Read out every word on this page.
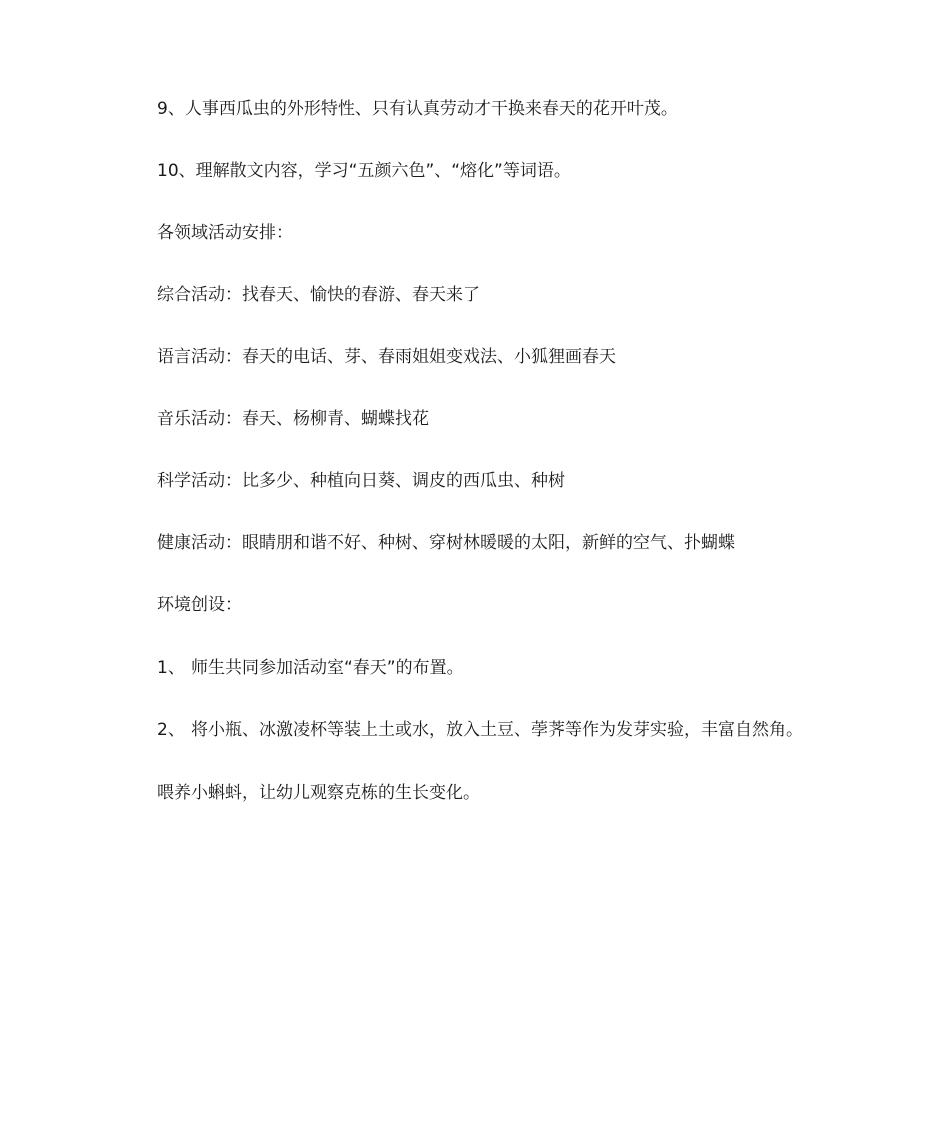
9、人事西瓜虫的外形特性、只有认真劳动才干换来春天的花开叶茂。
10、理解散文内容，学习“五颜六色”、“熔化”等词语。
各领域活动安排：
综合活动：找春天、愉快的春游、春天来了
语言活动：春天的电话、芽、春雨姐姐变戏法、小狐狸画春天
音乐活动：春天、杨柳青、蝴蝶找花
科学活动：比多少、种植向日葵、调皮的西瓜虫、种树
健康活动：眼睛朋和谐不好、种树、穿树林暖暖的太阳，新鲜的空气、扑蝴蝶
环境创设：
1、 师生共同参加活动室“春天”的布置。
2、 将小瓶、冰激凌杯等装上土或水，放入土豆、荸荠等作为发芽实验，丰富自然角。
喂养小蝌蚪，让幼儿观察克栋的生长变化。
